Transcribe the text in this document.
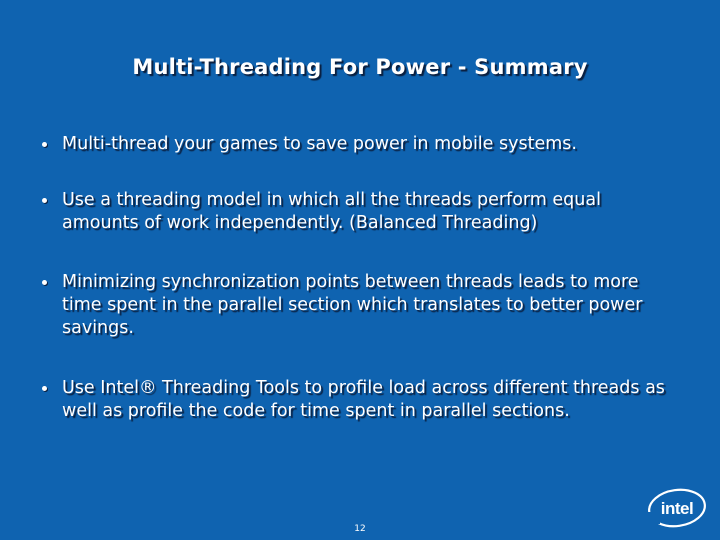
Multi-Threading For Power - Summary
Multi-thread your games to save power in mobile systems.
Use a threading model in which all the threads perform equal amounts of work independently. (Balanced Threading)
Minimizing synchronization points between threads leads to more time spent in the parallel section which translates to better power savings.
Use Intel® Threading Tools to profile load across different threads as well as profile the code for time spent in parallel sections.
12
intel
